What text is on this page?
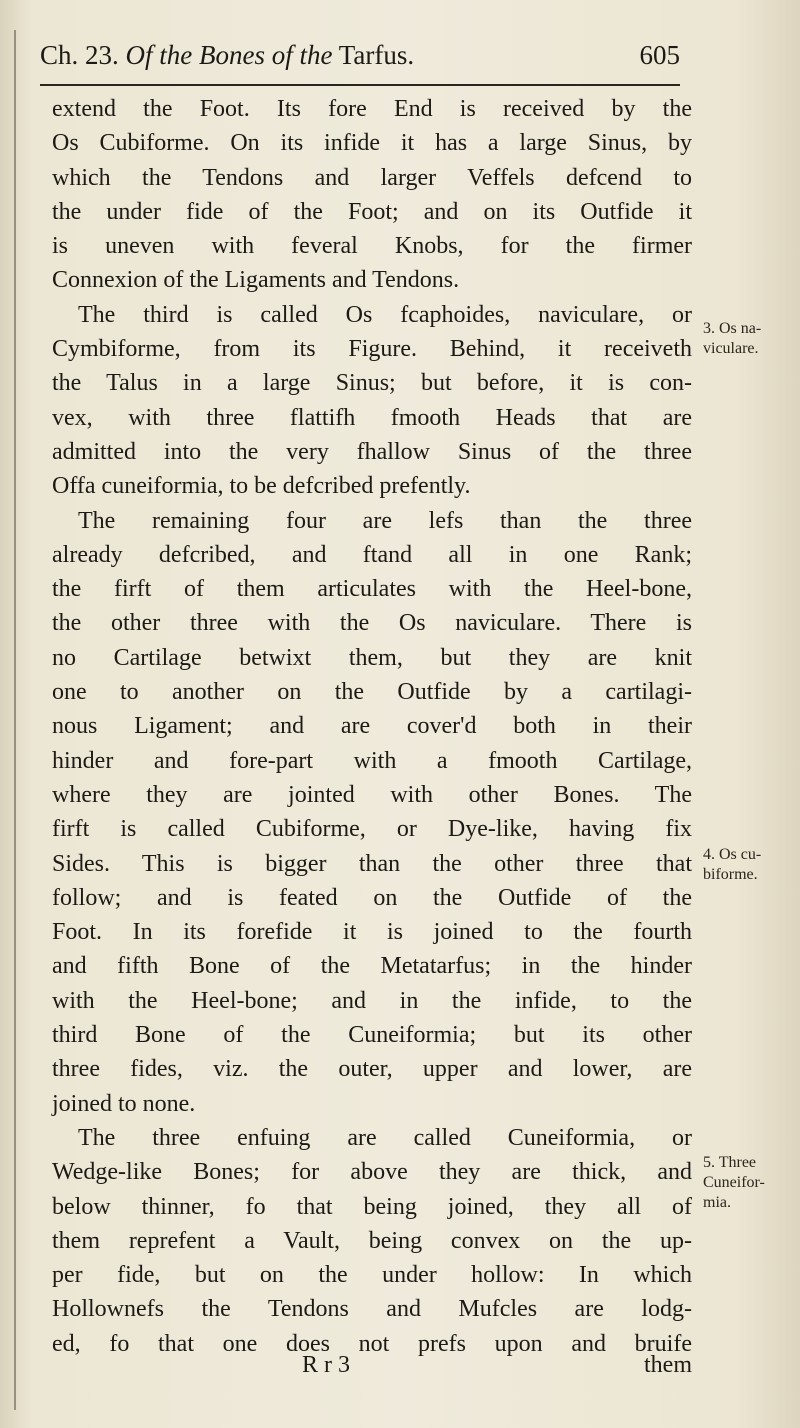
Ch. 23. Of the Bones of the Tarfus.	605
extend the Foot. Its fore End is received by the
Os Cubiforme. On its infide it has a large Sinus, by
which the Tendons and larger Veffels defcend to
the under fide of the Foot; and on its Outfide it
is uneven with feveral Knobs, for the firmer
Connexion of the Ligaments and Tendons.
The third is called Os fcaphoides, naviculare, or
Cymbiforme, from its Figure. Behind, it receiveth
the Talus in a large Sinus; but before, it is con-
vex, with three flattifh fmooth Heads that are
admitted into the very fhallow Sinus of the three
Offa cuneiformia, to be defcribed prefently.
The remaining four are lefs than the three
already defcribed, and ftand all in one Rank;
the firft of them articulates with the Heel-bone,
the other three with the Os naviculare. There is
no Cartilage betwixt them, but they are knit
one to another on the Outfide by a cartilagi-
nous Ligament; and are cover'd both in their
hinder and fore-part with a fmooth Cartilage,
where they are jointed with other Bones. The
firft is called Cubiforme, or Dye-like, having fix
Sides. This is bigger than the other three that
follow; and is feated on the Outfide of the
Foot. In its forefide it is joined to the fourth
and fifth Bone of the Metatarfus; in the hinder
with the Heel-bone; and in the infide, to the
third Bone of the Cuneiformia; but its other
three fides, viz. the outer, upper and lower, are
joined to none.
The three enfuing are called Cuneiformia, or
Wedge-like Bones; for above they are thick, and
below thinner, fo that being joined, they all of
them reprefent a Vault, being convex on the up-
per fide, but on the under hollow: In which
Hollownefs the Tendons and Mufcles are lodg-
ed, fo that one does not prefs upon and bruife
3. Os na-
viculare.
4. Os cu-
biforme.
5. Three
Cuneifor-
mia.
R r 3	them
